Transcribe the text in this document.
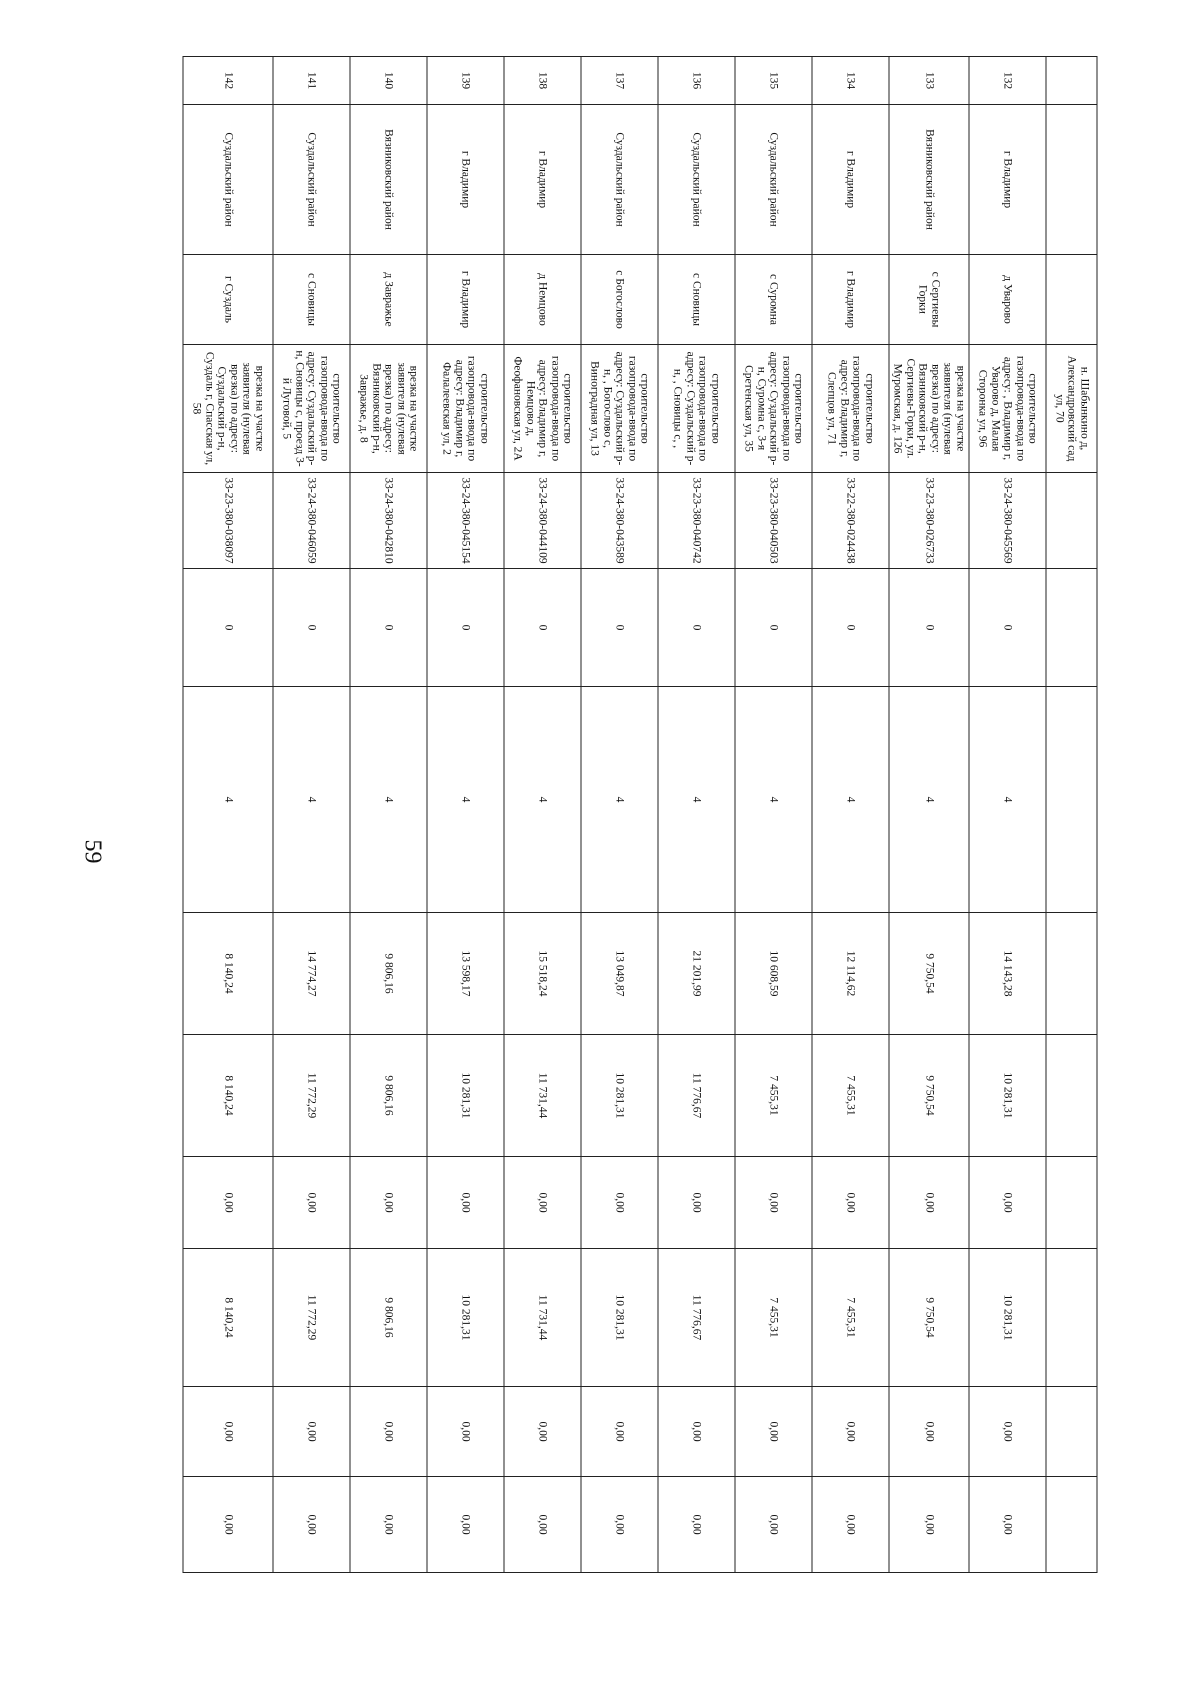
59
			н. Шабынкино д, Александровский сад ул, 70									
132	г Владимир	д Уварово	строительство газопровода-ввода по адресу: , Владимир г, Уварово д, Малая Сторонка ул, 96	33-24-380-045569	0	4	14 143,28	10 281,31	0,00	10 281,31	0,00	0,00
133	Вязниковский район	с Сергиевы Горки	врезка на участке заявителя (нулевая врезка) по адресу: Вязниковский р-н, Сергиевы-Горки, ул. Муромская, д. 126	33-23-380-026733	0	4	9 750,54	9 750,54	0,00	9 750,54	0,00	0,00
134	г Владимир	г Владимир	строительство газопровода-ввода по адресу: Владимир г, Слепцов ул, 71	33-22-380-024438	0	4	12 114,62	7 455,31	0,00	7 455,31	0,00	0,00
135	Суздальский район	с Суромна	строительство газопровода-ввода по адресу: Суздальский р-н, Суромна с, 3-я Сретенская ул, 35	33-23-380-040503	0	4	10 608,59	7 455,31	0,00	7 455,31	0,00	0,00
136	Суздальский район	с Сновицы	строительство газопровода-ввода по адресу: Суздальский р-н, , Сновицы с, ,	33-23-380-040742	0	4	21 201,99	11 776,67	0,00	11 776,67	0,00	0,00
137	Суздальский район	с Богослово	строительство газопровода-ввода по адресу: Суздальский р-н, , Богослово с, Виноградная ул, 13	33-24-380-043589	0	4	13 049,87	10 281,31	0,00	10 281,31	0,00	0,00
138	г Владимир	д Немцово	строительство газопровода-ввода по адресу: Владимир г, Немцово д, Феофановская ул, 2А	33-24-380-044109	0	4	15 518,24	11 731,44	0,00	11 731,44	0,00	0,00
139	г Владимир	г Владимир	строительство газопровода-ввода по адресу: Владимир г, Фалалеевская ул, 2	33-24-380-045154	0	4	13 598,17	10 281,31	0,00	10 281,31	0,00	0,00
140	Вязниковский район	д Завражье	врезка на участке заявителя (нулевая врезка) по адресу: Вязниковский р-н, Завражье, д. 8	33-24-380-042810	0	4	9 806,16	9 806,16	0,00	9 806,16	0,00	0,00
141	Суздальский район	с Сновицы	строительство газопровода-ввода по адресу: Суздальский р-н, Сновицы с, проезд 3-й Луговой, 5	33-24-380-046059	0	4	14 774,27	11 772,29	0,00	11 772,29	0,00	0,00
142	Суздальский район	г Суздаль	врезка на участке заявителя (нулевая врезка) по адресу: Суздальский р-н, Суздаль г, Спасская ул, 58	33-23-380-038097	0	4	8 140,24	8 140,24	0,00	8 140,24	0,00	0,00
